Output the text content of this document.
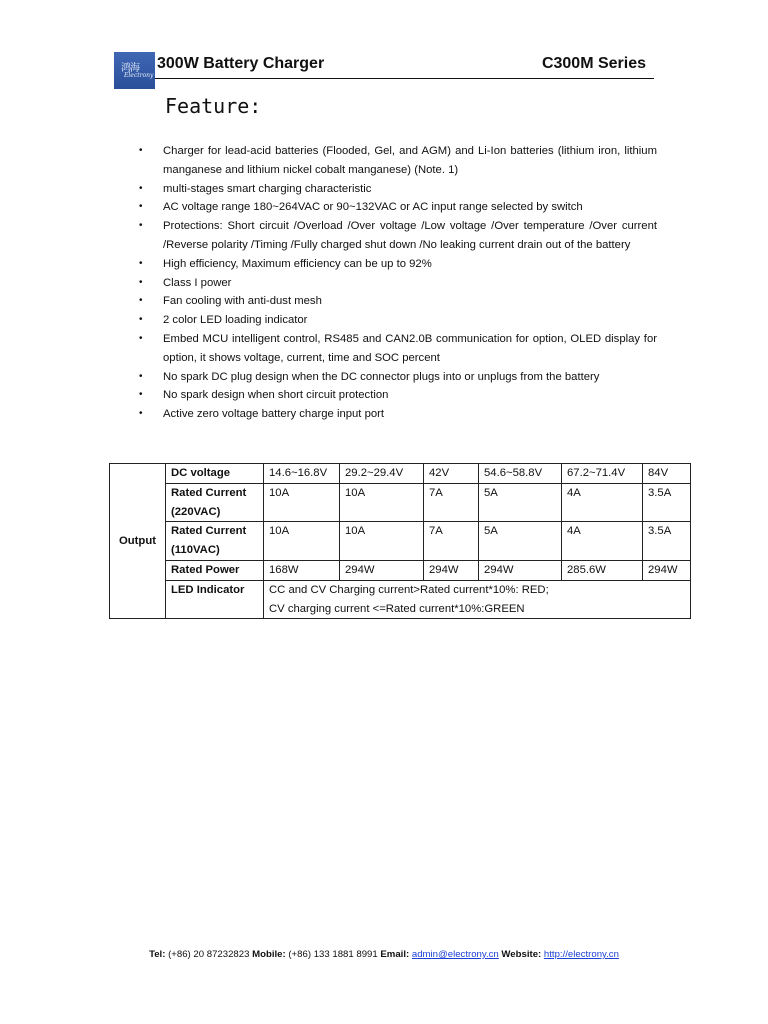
鸿海
Electrony
300W Battery Charger	C300M Series
Feature:
• Charger for lead-acid batteries (Flooded, Gel, and AGM) and Li-Ion batteries (lithium iron, lithium manganese and lithium nickel cobalt manganese) (Note. 1)
• multi-stages smart charging characteristic
• AC voltage range 180~264VAC or 90~132VAC or AC input range selected by switch
• Protections: Short circuit /Overload /Over voltage /Low voltage /Over temperature /Over current /Reverse polarity /Timing /Fully charged shut down /No leaking current drain out of the battery
• High efficiency, Maximum efficiency can be up to 92%
• Class I power
• Fan cooling with anti-dust mesh
• 2 color LED loading indicator
• Embed MCU intelligent control, RS485 and CAN2.0B communication for option, OLED display for option, it shows voltage, current, time and SOC percent
• No spark DC plug design when the DC connector plugs into or unplugs from the battery
• No spark design when short circuit protection
• Active zero voltage battery charge input port
Output	DC voltage	14.6~16.8V	29.2~29.4V	42V	54.6~58.8V	67.2~71.4V	84V
	Rated Current (220VAC)	10A	10A	7A	5A	4A	3.5A
	Rated Current (110VAC)	10A	10A	7A	5A	4A	3.5A
	Rated Power	168W	294W	294W	294W	285.6W	294W
	LED Indicator	CC and CV Charging current>Rated current*10%: RED;
CV charging current <=Rated current*10%:GREEN					
Tel: (+86) 20 87232823 Mobile: (+86) 133 1881 8991 Email: admin@electrony.cn Website: http://electrony.cn
